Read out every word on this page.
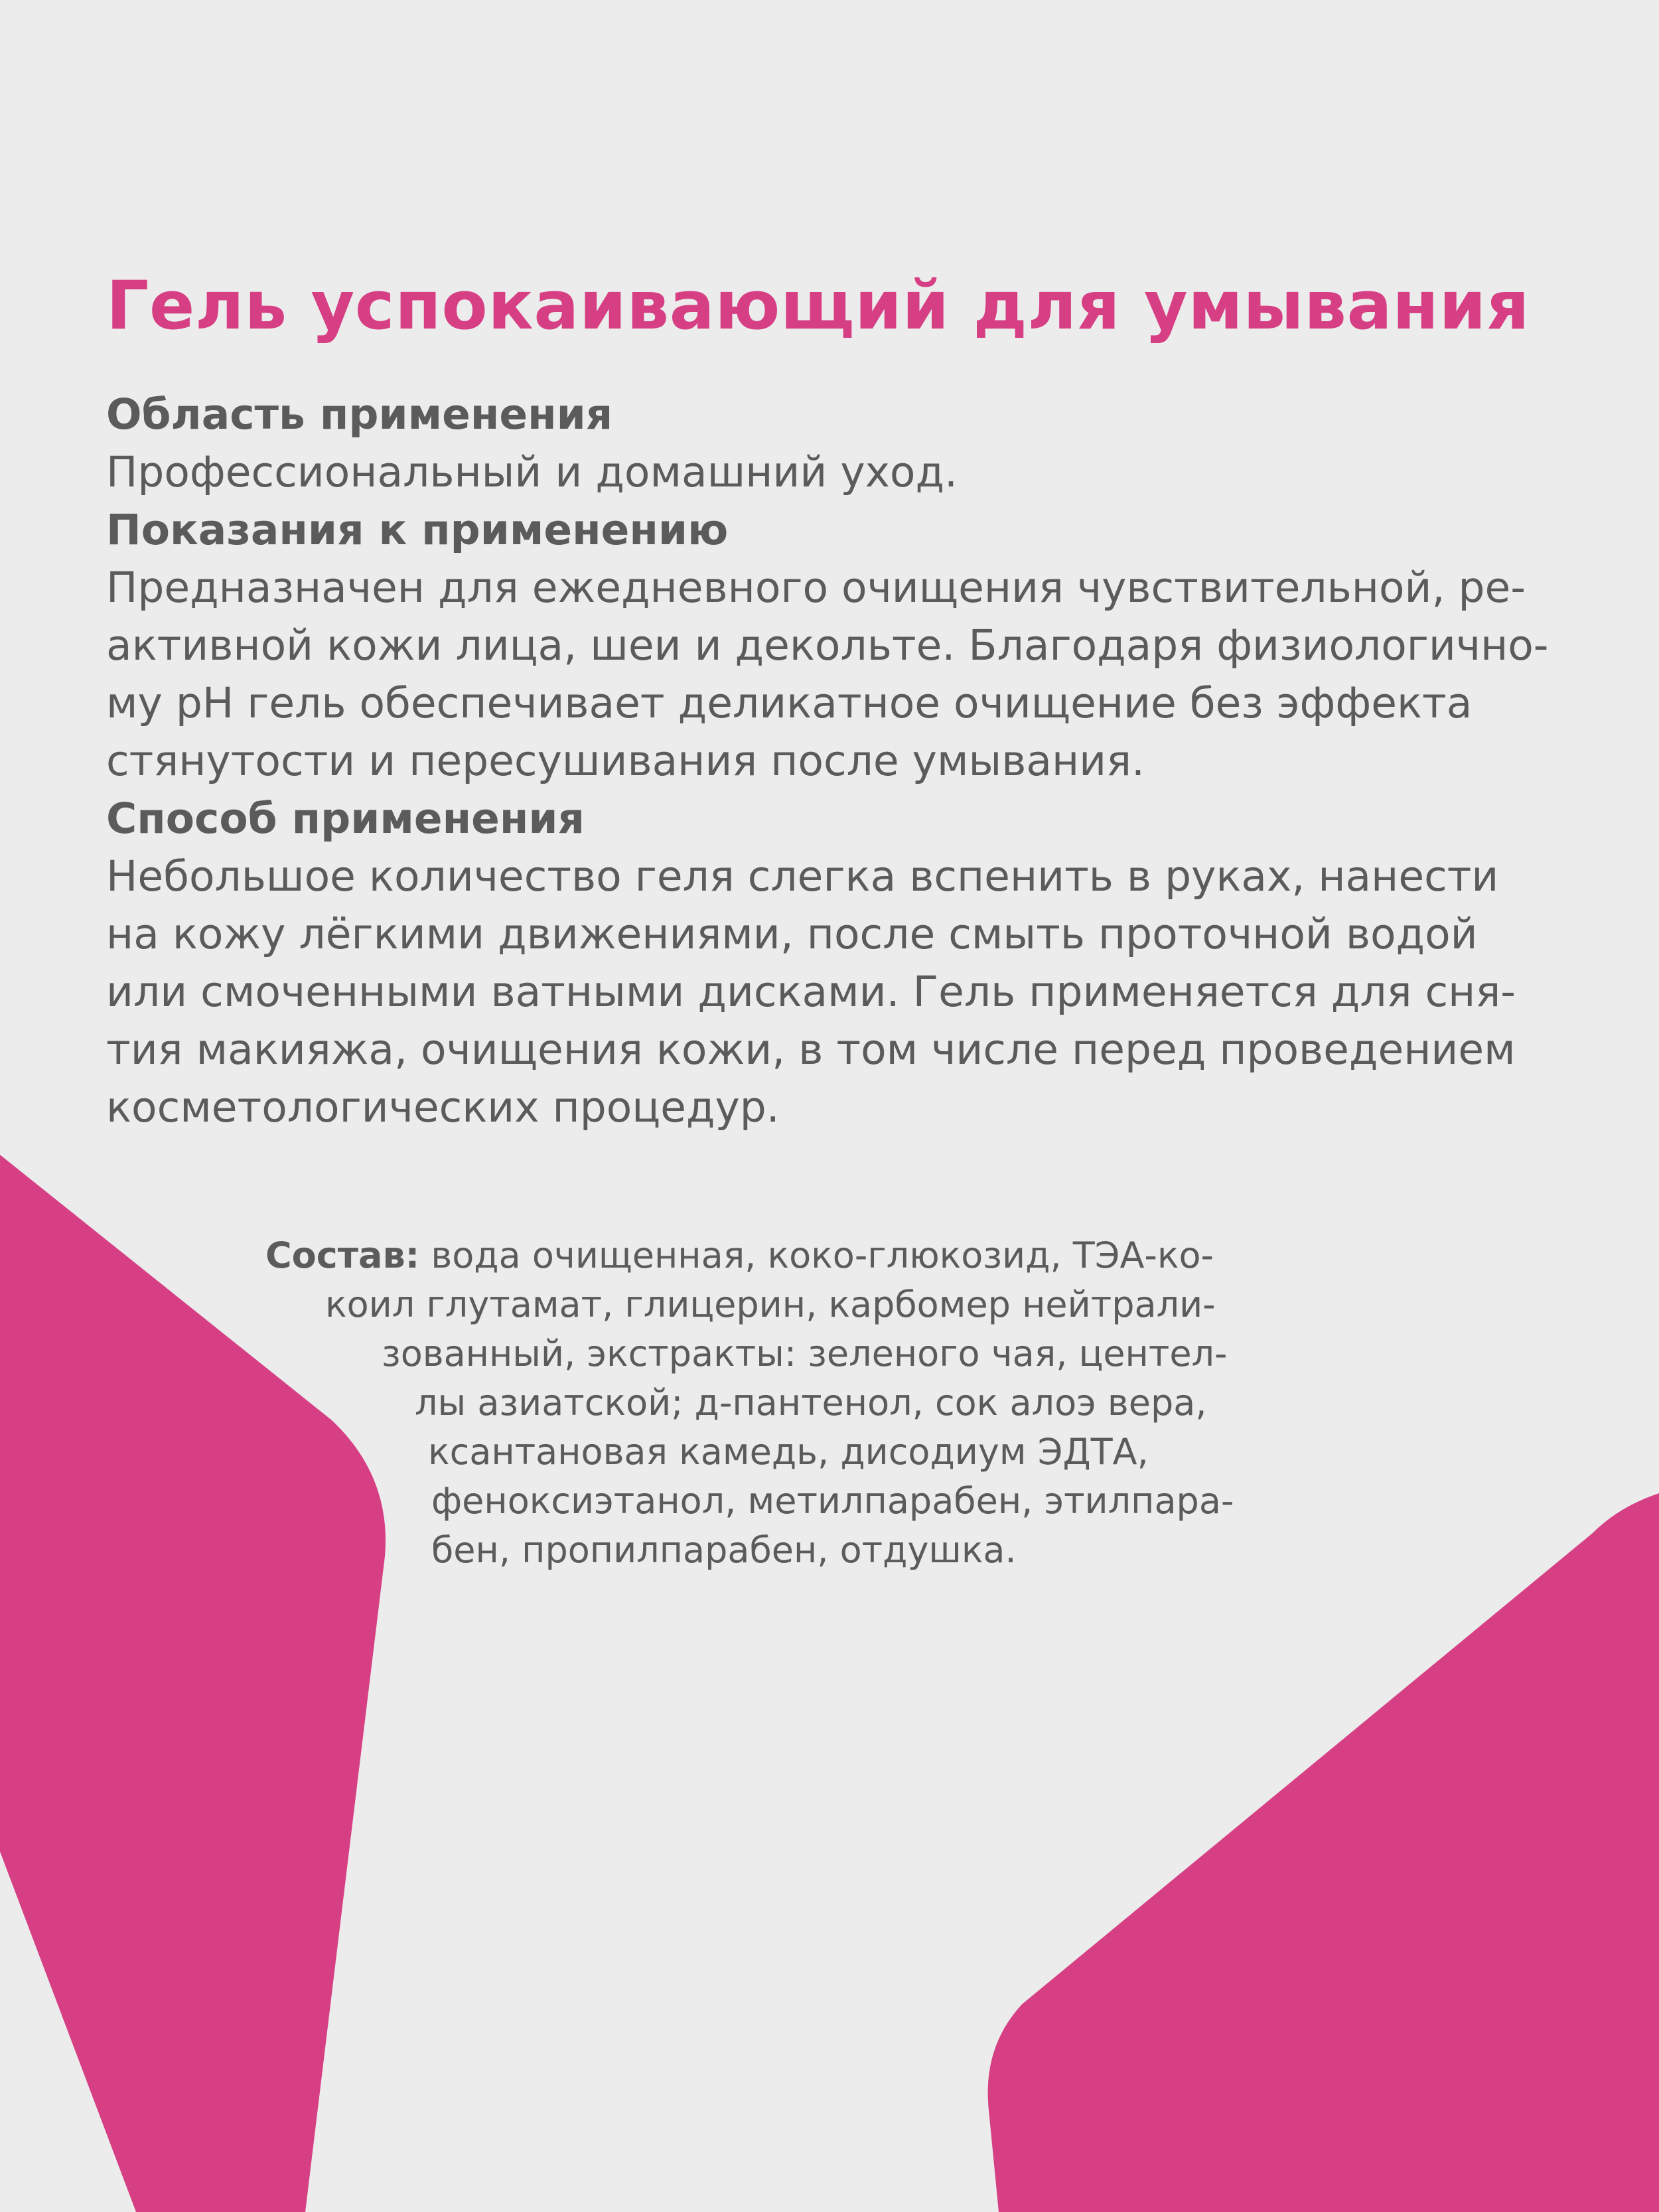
Гель успокаивающий для умывания

Область применения

Профессиональный и домашний уход.

Показания к применению

Предназначен для ежедневного очищения чувствительной, ре-

активной кожи лица, шеи и декольте. Благодаря физиологично-

му pH гель обеспечивает деликатное очищение без эффекта

стянутости и пересушивания после умывания.

Способ применения

Небольшое количество геля слегка вспенить в руках, нанести

на кожу лёгкими движениями, после смыть проточной водой

или смоченными ватными дисками. Гель применяется для сня-

тия макияжа, очищения кожи, в том числе перед проведением

косметологических процедур.

Состав: вода очищенная, коко-глюкозид, ТЭА-ко-

коил глутамат, глицерин, карбомер нейтрали-

зованный, экстракты: зеленого чая, центел-

лы азиатской; д-пантенол, сок алоэ вера,

ксантановая камедь, дисодиум ЭДТА,

феноксиэтанол, метилпарабен, этилпара-

бен, пропилпарабен, отдушка.
